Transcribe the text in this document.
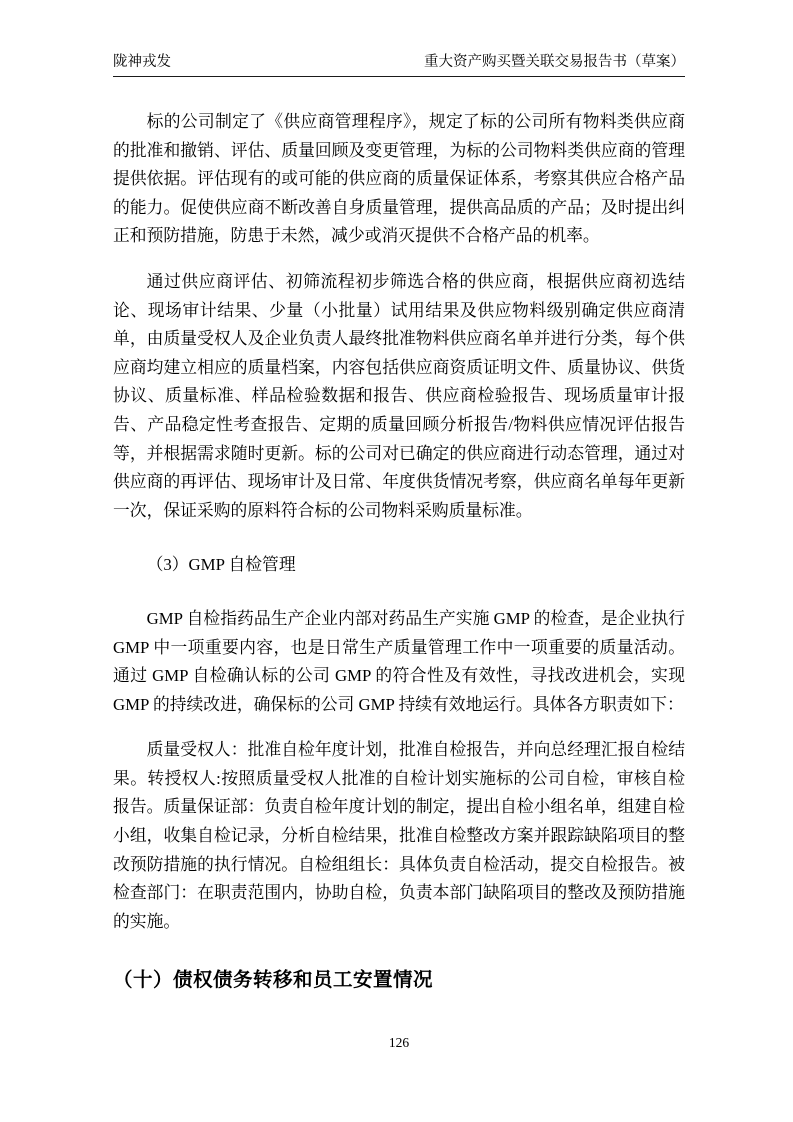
陇神戎发	重大资产购买暨关联交易报告书（草案）

标的公司制定了《供应商管理程序》，规定了标的公司所有物料类供应商的批准和撤销、评估、质量回顾及变更管理，为标的公司物料类供应商的管理提供依据。评估现有的或可能的供应商的质量保证体系，考察其供应合格产品的能力。促使供应商不断改善自身质量管理，提供高品质的产品；及时提出纠正和预防措施，防患于未然，减少或消灭提供不合格产品的机率。

通过供应商评估、初筛流程初步筛选合格的供应商，根据供应商初选结论、现场审计结果、少量（小批量）试用结果及供应物料级别确定供应商清单，由质量受权人及企业负责人最终批准物料供应商名单并进行分类，每个供应商均建立相应的质量档案，内容包括供应商资质证明文件、质量协议、供货协议、质量标准、样品检验数据和报告、供应商检验报告、现场质量审计报告、产品稳定性考查报告、定期的质量回顾分析报告/物料供应情况评估报告等，并根据需求随时更新。标的公司对已确定的供应商进行动态管理，通过对供应商的再评估、现场审计及日常、年度供货情况考察，供应商名单每年更新一次，保证采购的原料符合标的公司物料采购质量标准。

（3）GMP 自检管理

GMP 自检指药品生产企业内部对药品生产实施 GMP 的检查，是企业执行 GMP 中一项重要内容，也是日常生产质量管理工作中一项重要的质量活动。通过 GMP 自检确认标的公司 GMP 的符合性及有效性，寻找改进机会，实现 GMP 的持续改进，确保标的公司 GMP 持续有效地运行。具体各方职责如下：

质量受权人：批准自检年度计划，批准自检报告，并向总经理汇报自检结果。转授权人:按照质量受权人批准的自检计划实施标的公司自检，审核自检报告。质量保证部：负责自检年度计划的制定，提出自检小组名单，组建自检小组，收集自检记录，分析自检结果，批准自检整改方案并跟踪缺陷项目的整改预防措施的执行情况。自检组组长：具体负责自检活动，提交自检报告。被检查部门：在职责范围内，协助自检，负责本部门缺陷项目的整改及预防措施的实施。

（十）债权债务转移和员工安置情况
126
